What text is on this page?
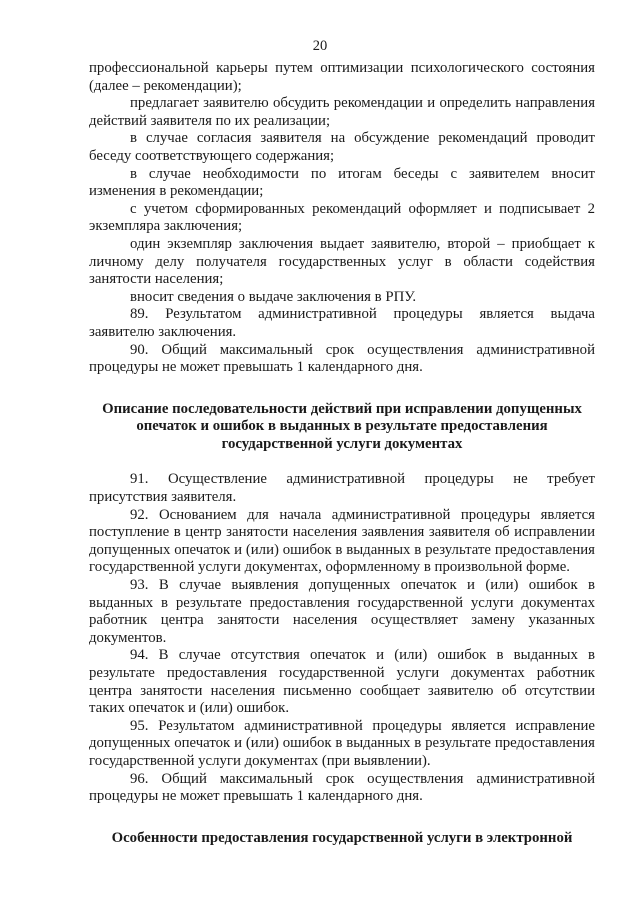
20

профессиональной карьеры путем оптимизации психологического состояния (далее – рекомендации);

предлагает заявителю обсудить рекомендации и определить направления действий заявителя по их реализации;

в случае согласия заявителя на обсуждение рекомендаций проводит беседу соответствующего содержания;

в случае необходимости по итогам беседы с заявителем вносит изменения в рекомендации;

с учетом сформированных рекомендаций оформляет и подписывает 2 экземпляра заключения;

один экземпляр заключения выдает заявителю, второй – приобщает к личному делу получателя государственных услуг в области содействия занятости населения;

вносит сведения о выдаче заключения в РПУ.

89. Результатом административной процедуры является выдача заявителю заключения.

90. Общий максимальный срок осуществления административной процедуры не может превышать 1 календарного дня.

Описание последовательности действий при исправлении допущенных опечаток и ошибок в выданных в результате предоставления государственной услуги документах

91. Осуществление административной процедуры не требует присутствия заявителя.

92. Основанием для начала административной процедуры является поступление в центр занятости населения заявления заявителя об исправлении допущенных опечаток и (или) ошибок в выданных в результате предоставления государственной услуги документах, оформленному в произвольной форме.

93. В случае выявления допущенных опечаток и (или) ошибок в выданных в результате предоставления государственной услуги документах работник центра занятости населения осуществляет замену указанных документов.

94. В случае отсутствия опечаток и (или) ошибок в выданных в результате предоставления государственной услуги документах работник центра занятости населения письменно сообщает заявителю об отсутствии таких опечаток и (или) ошибок.

95. Результатом административной процедуры является исправление допущенных опечаток и (или) ошибок в выданных в результате предоставления государственной услуги документах (при выявлении).

96. Общий максимальный срок осуществления административной процедуры не может превышать 1 календарного дня.

Особенности предоставления государственной услуги в электронной
